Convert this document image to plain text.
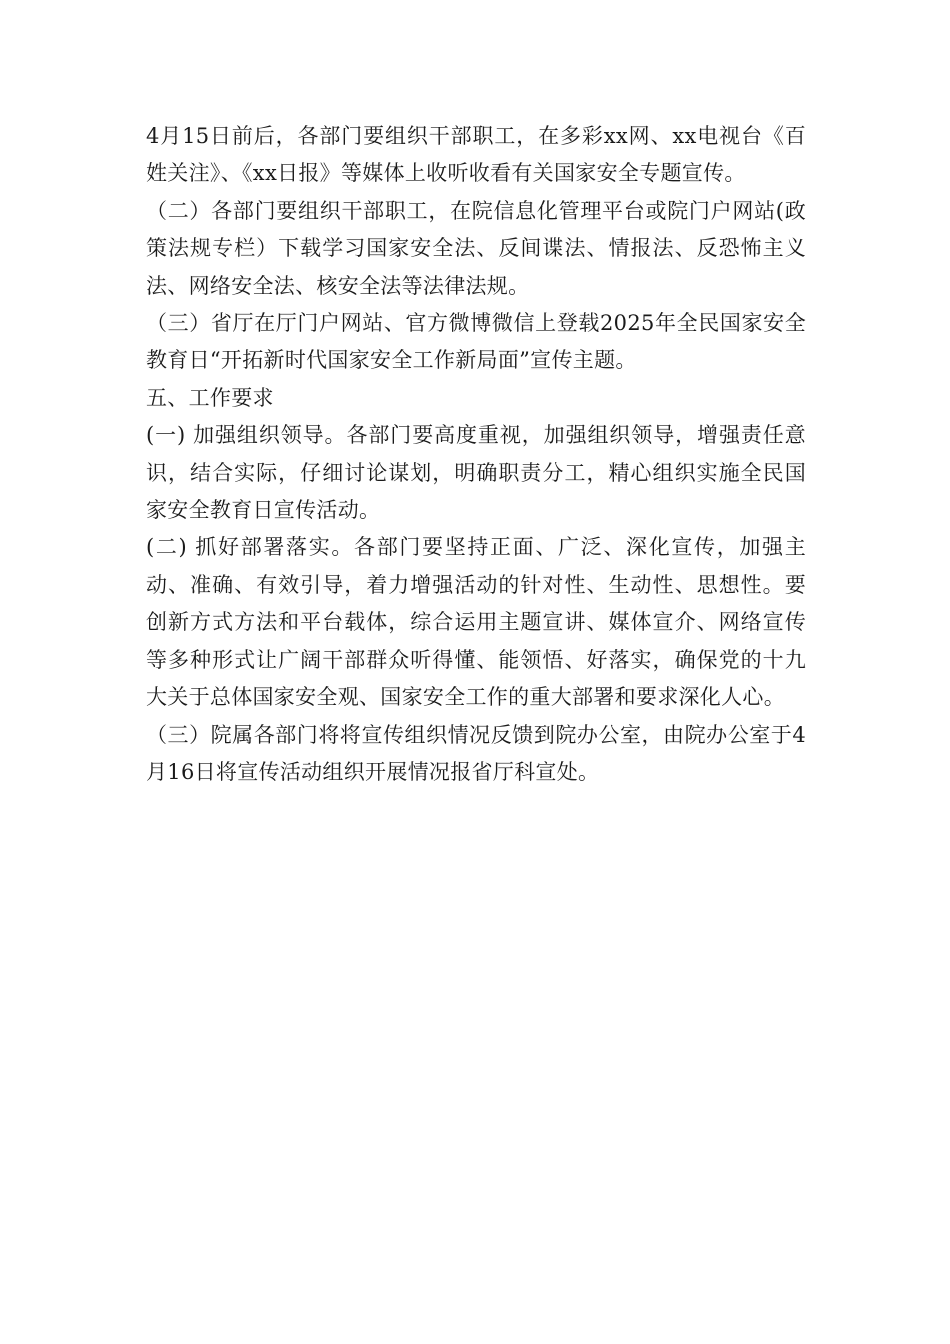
4月15日前后，各部门要组织干部职工，在多彩xx网、xx电视台《百姓关注》、《xx日报》等媒体上收听收看有关国家安全专题宣传。

（二）各部门要组织干部职工，在院信息化管理平台或院门户网站(政策法规专栏）下载学习国家安全法、反间谍法、情报法、反恐怖主义法、网络安全法、核安全法等法律法规。

（三）省厅在厅门户网站、官方微博微信上登载2025年全民国家安全教育日“开拓新时代国家安全工作新局面”宣传主题。

五、工作要求

(一) 加强组织领导。各部门要高度重视，加强组织领导，增强责任意识，结合实际，仔细讨论谋划，明确职责分工，精心组织实施全民国家安全教育日宣传活动。

(二) 抓好部署落实。各部门要坚持正面、广泛、深化宣传，加强主动、准确、有效引导，着力增强活动的针对性、生动性、思想性。要创新方式方法和平台载体，综合运用主题宣讲、媒体宣介、网络宣传等多种形式让广阔干部群众听得懂、能领悟、好落实，确保党的十九大关于总体国家安全观、国家安全工作的重大部署和要求深化人心。

（三）院属各部门将将宣传组织情况反馈到院办公室，由院办公室于4月16日将宣传活动组织开展情况报省厅科宣处。
